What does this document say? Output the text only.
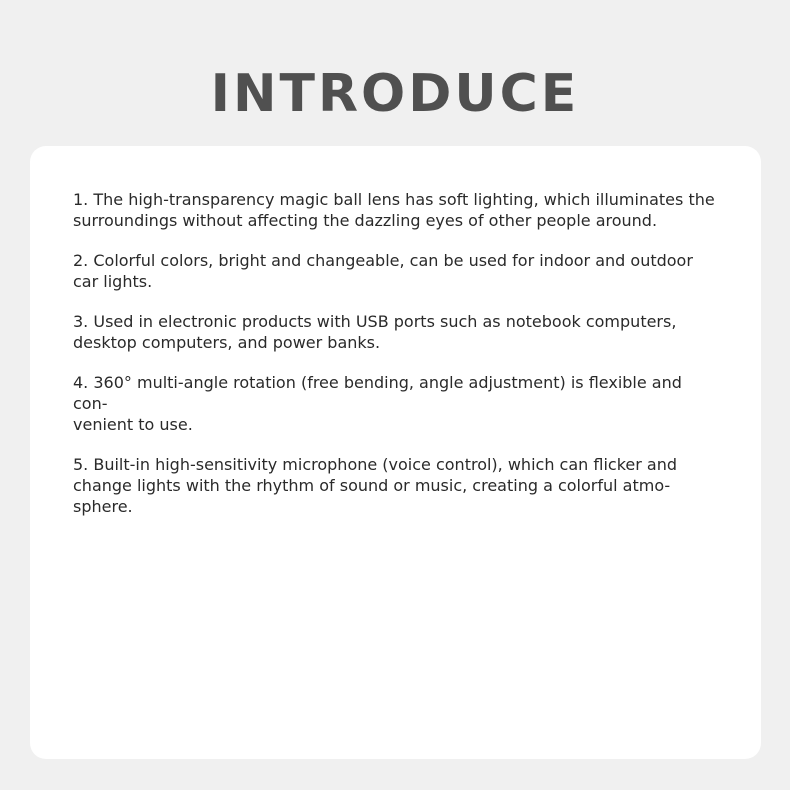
INTRODUCE
1. The high-transparency magic ball lens has soft lighting, which illuminates the
surroundings without affecting the dazzling eyes of other people around.
2. Colorful colors, bright and changeable, can be used for indoor and outdoor
car lights.
3. Used in electronic products with USB ports such as notebook computers,
desktop computers, and power banks.
4. 360° multi-angle rotation (free bending, angle adjustment) is flexible and con-
venient to use.
5. Built-in high-sensitivity microphone (voice control), which can flicker and
change lights with the rhythm of sound or music, creating a colorful atmo-
sphere.
